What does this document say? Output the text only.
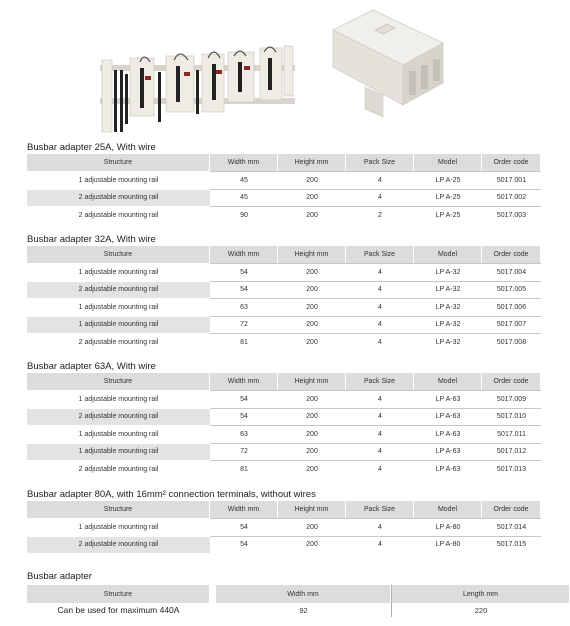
Busbar adapter 25A, With wire
Structure	Width mm	Height mm	Pack Size	Model	Order code
1 adjustable mounting rail	45	200	4	LP A-25	5017.001
2 adjustable mounting rail	45	200	4	LP A-25	5017.002
2 adjustable mounting rail	90	200	2	LP A-25	5017.003
Busbar adapter 32A, With wire
Structure	Width mm	Height mm	Pack Size	Model	Order code
1 adjustable mounting rail	54	200	4	LP A-32	5017.004
2 adjustable mounting rail	54	200	4	LP A-32	5017.005
1 adjustable mounting rail	63	200	4	LP A-32	5017.006
1 adjustable mounting rail	72	200	4	LP A-32	5017.007
2 adjustable mounting rail	81	200	4	LP A-32	5017.008
Busbar adapter 63A, With wire
Structure	Width mm	Height mm	Pack Size	Model	Order code
1 adjustable mounting rail	54	200	4	LP A-63	5017.009
2 adjustable mounting rail	54	200	4	LP A-63	5017.010
1 adjustable mounting rail	63	200	4	LP A-63	5017.011
1 adjustable mounting rail	72	200	4	LP A-63	5017.012
2 adjustable mounting rail	81	200	4	LP A-63	5017.013
Busbar adapter 80A, with 16mm² connection terminals, without wires
Structure	Width mm	Height mm	Pack Size	Model	Order code
1 adjustable mounting rail	54	200	4	LP A-80	5017.014
2 adjustable mounting rail	54	200	4	LP A-80	5017.015
Busbar adapter
Structure		Width mm	Length mm
Can be used for maximum 440A		92	220
